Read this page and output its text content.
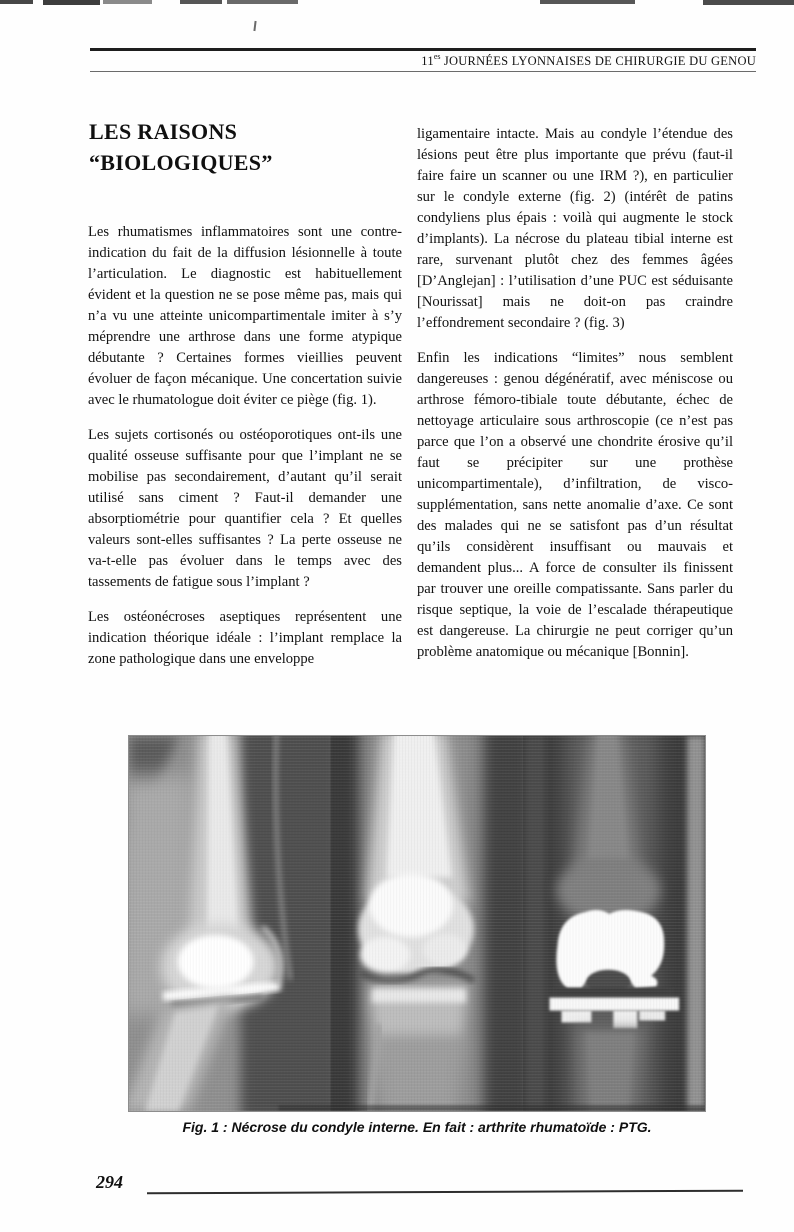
$11^{es}$ JOURNÉES LYONNAISES DE CHIRURGIE DU GENOU
LES RAISONS
“BIOLOGIQUES”

Les rhumatismes inflammatoires sont une contre-indication du fait de la diffusion lésionnelle à toute l’articulation. Le diagnostic est habituellement évident et la question ne se pose même pas, mais qui n’a vu une atteinte unicompartimentale imiter à s’y méprendre une arthrose dans une forme atypique débutante ? Certaines formes vieillies peuvent évoluer de façon mécanique. Une concertation suivie avec le rhumatologue doit éviter ce piège (fig. 1).

Les sujets cortisonés ou ostéoporotiques ont-ils une qualité osseuse suffisante pour que l’implant ne se mobilise pas secondairement, d’autant qu’il serait utilisé sans ciment ? Faut-il demander une absorptiométrie pour quantifier cela ? Et quelles valeurs sont-elles suffisantes ? La perte osseuse ne va-t-elle pas évoluer dans le temps avec des tassements de fatigue sous l’implant ?

Les ostéonécroses aseptiques représentent une indication théorique idéale : l’implant remplace la zone pathologique dans une enveloppe

ligamentaire intacte. Mais au condyle l’étendue des lésions peut être plus importante que prévu (faut-il faire faire un scanner ou une IRM ?), en particulier sur le condyle externe (fig. 2) (intérêt de patins condyliens plus épais : voilà qui augmente le stock d’implants). La nécrose du plateau tibial interne est rare, survenant plutôt chez des femmes âgées [D’Anglejan] : l’utilisation d’une PUC est séduisante [Nourissat] mais ne doit-on pas craindre l’effondrement secondaire ? (fig. 3)

Enfin les indications “limites” nous semblent dangereuses : genou dégénératif, avec méniscose ou arthrose fémoro-tibiale toute débutante, échec de nettoyage articulaire sous arthroscopie (ce n’est pas parce que l’on a observé une chondrite érosive qu’il faut se précipiter sur une prothèse unicompartimentale), d’infiltration, de visco-supplémentation, sans nette anomalie d’axe. Ce sont des malades qui ne se satisfont pas d’un résultat qu’ils considèrent insuffisant ou mauvais et demandent plus... A force de consulter ils finissent par trouver une oreille compatissante. Sans parler du risque septique, la voie de l’escalade thérapeutique est dangereuse. La chirurgie ne peut corriger qu’un problème anatomique ou mécanique [Bonnin].

Fig. 1 : Nécrose du condyle interne. En fait : arthrite rhumatoïde : PTG.
294
